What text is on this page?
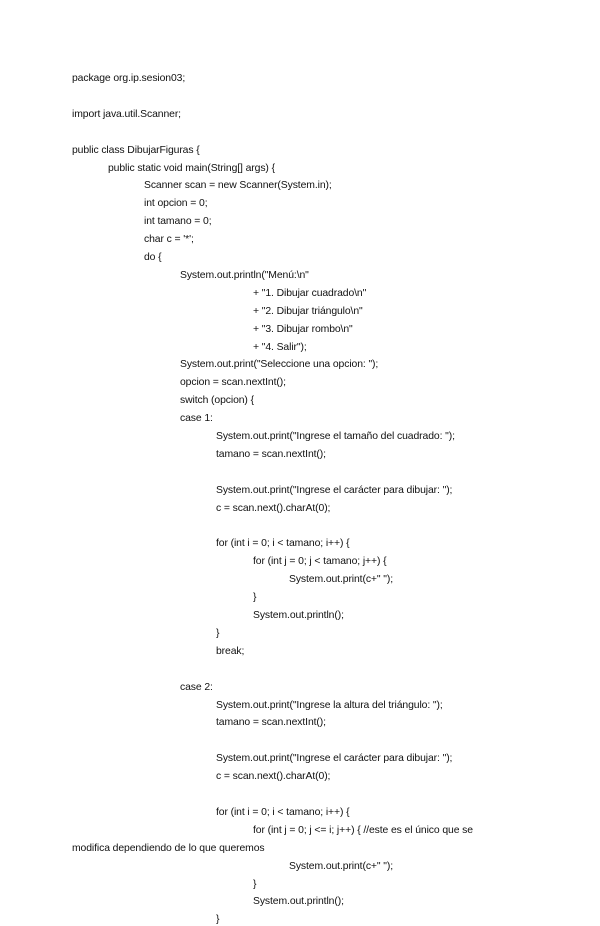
package org.ip.sesion03;
import java.util.Scanner;
public class DibujarFiguras {
public static void main(String[] args) {
Scanner scan = new Scanner(System.in);
int opcion = 0;
int tamano = 0;
char c = '*';
do {
System.out.println("Menú:\n"
+ "1. Dibujar cuadrado\n"
+ "2. Dibujar triángulo\n"
+ "3. Dibujar rombo\n"
+ "4. Salir");
System.out.print("Seleccione una opcion: ");
opcion = scan.nextInt();
switch (opcion) {
case 1:
System.out.print("Ingrese el tamaño del cuadrado: ");
tamano = scan.nextInt();
System.out.print("Ingrese el carácter para dibujar: ");
c = scan.next().charAt(0);
for (int i = 0; i < tamano; i++) {
for (int j = 0; j < tamano; j++) {
System.out.print(c+" ");
}
System.out.println();
}
break;
case 2:
System.out.print("Ingrese la altura del triángulo: ");
tamano = scan.nextInt();
System.out.print("Ingrese el carácter para dibujar: ");
c = scan.next().charAt(0);
for (int i = 0; i < tamano; i++) {
for (int j = 0; j <= i; j++) { //este es el único que se
modifica dependiendo de lo que queremos
System.out.print(c+" ");
}
System.out.println();
}
